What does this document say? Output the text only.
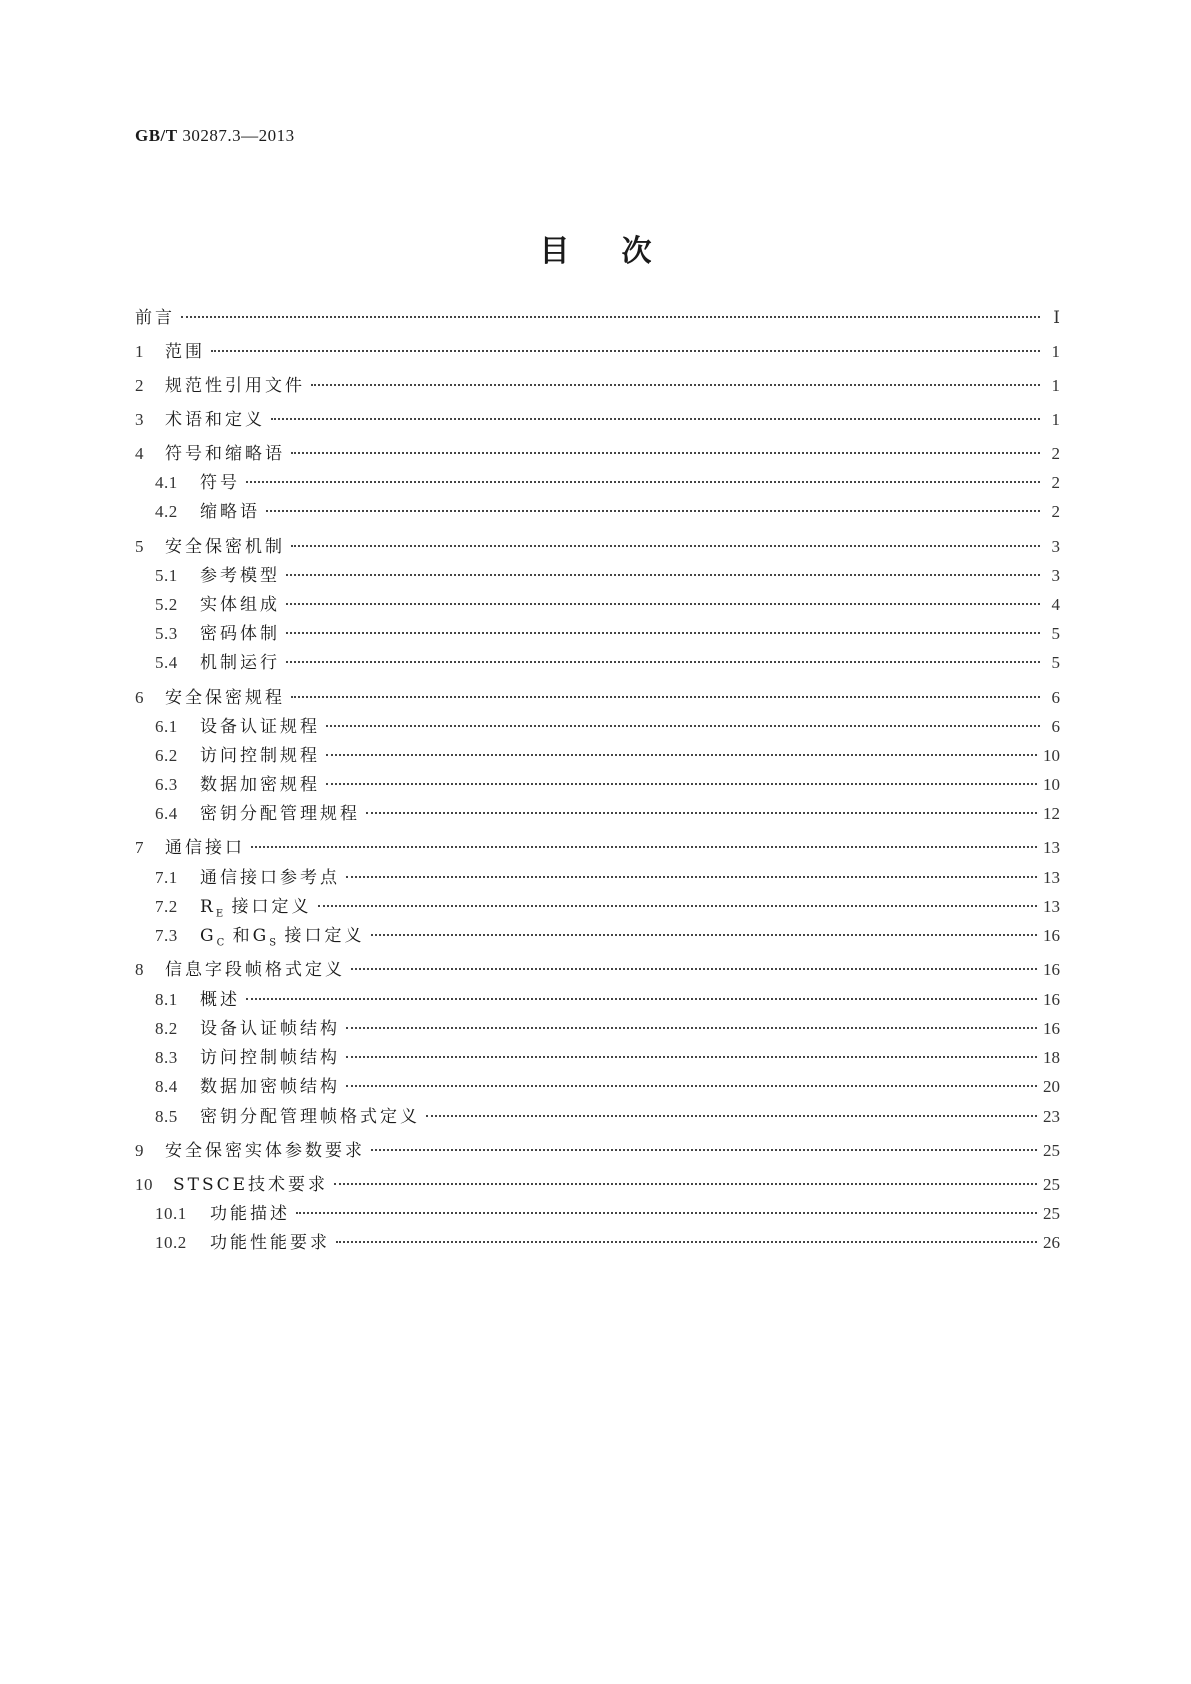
GB/T 30287.3—2013
目次
前言	Ⅰ
1	范围	1
2	规范性引用文件	1
3	术语和定义	1
4	符号和缩略语	2
4.1	符号	2
4.2	缩略语	2
5	安全保密机制	3
5.1	参考模型	3
5.2	实体组成	4
5.3	密码体制	5
5.4	机制运行	5
6	安全保密规程	6
6.1	设备认证规程	6
6.2	访问控制规程	10
6.3	数据加密规程	10
6.4	密钥分配管理规程	12
7	通信接口	13
7.1	通信接口参考点	13
7.2	$R_E$ 接口定义	13
7.3	$G_C$ 和$G_S$ 接口定义	16
8	信息字段帧格式定义	16
8.1	概述	16
8.2	设备认证帧结构	16
8.3	访问控制帧结构	18
8.4	数据加密帧结构	20
8.5	密钥分配管理帧格式定义	23
9	安全保密实体参数要求	25
10	STSCE技术要求	25
10.1	功能描述	25
10.2	功能性能要求	26
